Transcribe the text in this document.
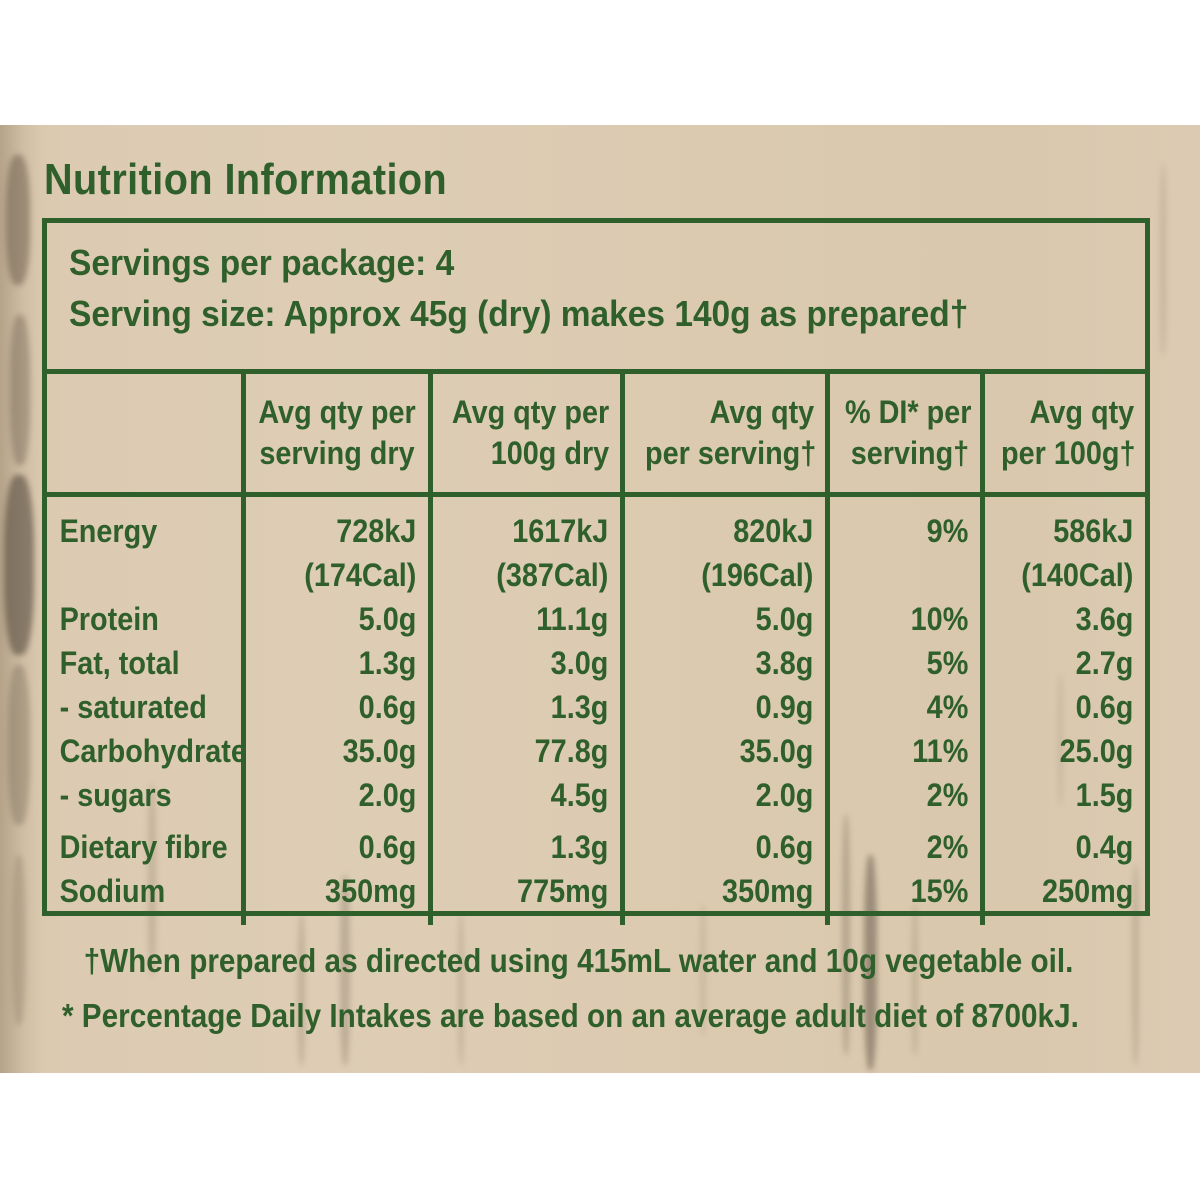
Nutrition Information
Servings per package: 4
Serving size: Approx 45g (dry) makes 140g as prepared†
Energy
Protein
Fat, total
- saturated
Carbohydrate
- sugars
Dietary fibre
Sodium
Avg qty per
serving dry
728kJ
(174Cal)
5.0g
1.3g
0.6g
35.0g
2.0g
0.6g
350mg
Avg qty per
100g dry
1617kJ
(387Cal)
11.1g
3.0g
1.3g
77.8g
4.5g
1.3g
775mg
Avg qty
per serving†
820kJ
(196Cal)
5.0g
3.8g
0.9g
35.0g
2.0g
0.6g
350mg
% DI* per
serving†
9%
10%
5%
4%
11%
2%
2%
15%
Avg qty
per 100g†
586kJ
(140Cal)
3.6g
2.7g
0.6g
25.0g
1.5g
0.4g
250mg
†When prepared as directed using 415mL water and 10g vegetable oil.
* Percentage Daily Intakes are based on an average adult diet of 8700kJ.
